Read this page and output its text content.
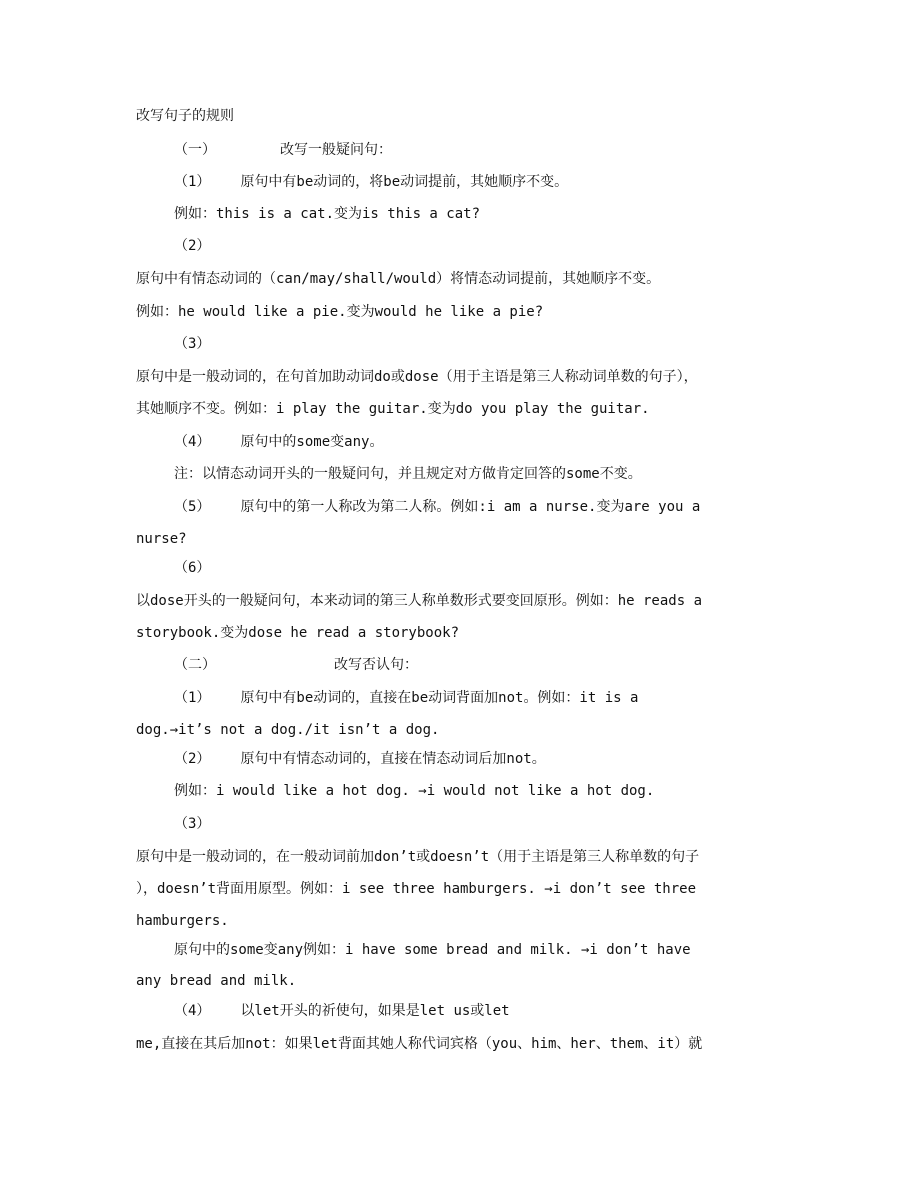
改写句子的规则
（一）	改写一般疑问句：
（1） 原句中有be动词的，将be动词提前，其她顺序不变。
例如：this is a cat.变为is this a cat?
（2）
原句中有情态动词的（can/may/shall/would）将情态动词提前，其她顺序不变。
例如：he would like a pie.变为would he like a pie?
（3）
原句中是一般动词的，在句首加助动词do或dose（用于主语是第三人称动词单数的句子），
其她顺序不变。例如：i play the guitar.变为do you play the guitar.
（4） 原句中的some变any。
注：以情态动词开头的一般疑问句，并且规定对方做肯定回答的some不变。
（5） 原句中的第一人称改为第二人称。例如:i am a nurse.变为are you a
nurse?
（6）
以dose开头的一般疑问句，本来动词的第三人称单数形式要变回原形。例如：he reads a
storybook.变为dose he read a storybook?
（二）	改写否认句：
（1） 原句中有be动词的，直接在be动词背面加not。例如：it is a
dog.→it’s not a dog./it isn’t a dog.
（2） 原句中有情态动词的，直接在情态动词后加not。
例如：i would like a hot dog. →i would not like a hot dog.
（3）
原句中是一般动词的，在一般动词前加don’t或doesn’t（用于主语是第三人称单数的句子
），doesn’t背面用原型。例如：i see three hamburgers. →i don’t see three
hamburgers.
原句中的some变any例如：i have some bread and milk. →i don’t have
any bread and milk.
（4） 以let开头的祈使句，如果是let us或let
me,直接在其后加not：如果let背面其她人称代词宾格（you、him、her、them、it）就
